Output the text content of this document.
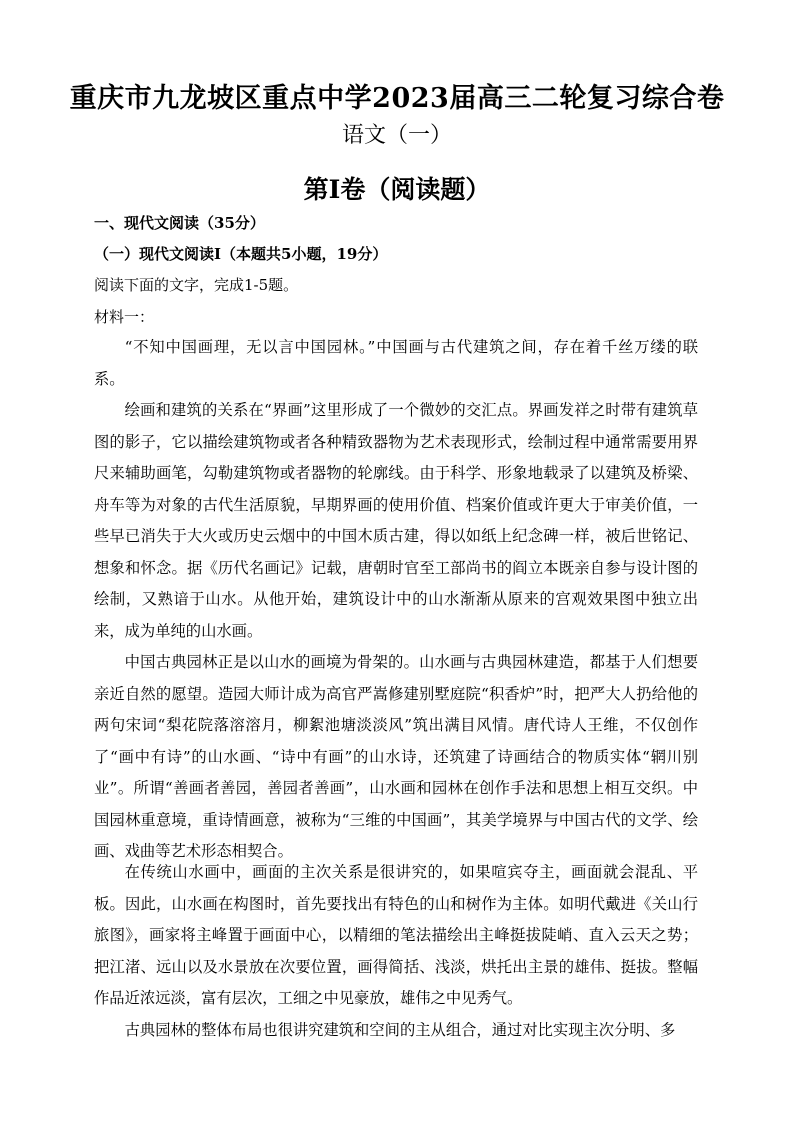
重庆市九龙坡区重点中学2023届高三二轮复习综合卷
语文（一）
第Ⅰ卷（阅读题）
一、现代文阅读（35分）
（一）现代文阅读Ⅰ（本题共5小题，19分）
阅读下面的文字，完成1-5题。
材料一：

“不知中国画理，无以言中国园林。”中国画与古代建筑之间，存在着千丝万缕的联系。

绘画和建筑的关系在“界画”这里形成了一个微妙的交汇点。界画发祥之时带有建筑草图的影子，它以描绘建筑物或者各种精致器物为艺术表现形式，绘制过程中通常需要用界尺来辅助画笔，勾勒建筑物或者器物的轮廓线。由于科学、形象地载录了以建筑及桥梁、舟车等为对象的古代生活原貌，早期界画的使用价值、档案价值或许更大于审美价值，一些早已消失于大火或历史云烟中的中国木质古建，得以如纸上纪念碑一样，被后世铭记、想象和怀念。据《历代名画记》记载，唐朝时官至工部尚书的阎立本既亲自参与设计图的绘制，又熟谙于山水。从他开始，建筑设计中的山水渐渐从原来的宫观效果图中独立出来，成为单纯的山水画。

中国古典园林正是以山水的画境为骨架的。山水画与古典园林建造，都基于人们想要亲近自然的愿望。造园大师计成为高官严嵩修建别墅庭院“积香炉”时，把严大人扔给他的两句宋词“梨花院落溶溶月，柳絮池塘淡淡风”筑出满目风情。唐代诗人王维，不仅创作了“画中有诗”的山水画、“诗中有画”的山水诗，还筑建了诗画结合的物质实体“辋川别业”。所谓“善画者善园，善园者善画”，山水画和园林在创作手法和思想上相互交织。中国园林重意境，重诗情画意，被称为“三维的中国画”，其美学境界与中国古代的文学、绘画、戏曲等艺术形态相契合。

在传统山水画中，画面的主次关系是很讲究的，如果喧宾夺主，画面就会混乱、平板。因此，山水画在构图时，首先要找出有特色的山和树作为主体。如明代戴进《关山行旅图》，画家将主峰置于画面中心，以精细的笔法描绘出主峰挺拔陡峭、直入云天之势；把江渚、远山以及水景放在次要位置，画得简括、浅淡，烘托出主景的雄伟、挺拔。整幅作品近浓远淡，富有层次，工细之中见豪放，雄伟之中见秀气。

古典园林的整体布局也很讲究建筑和空间的主从组合，通过对比实现主次分明、多
